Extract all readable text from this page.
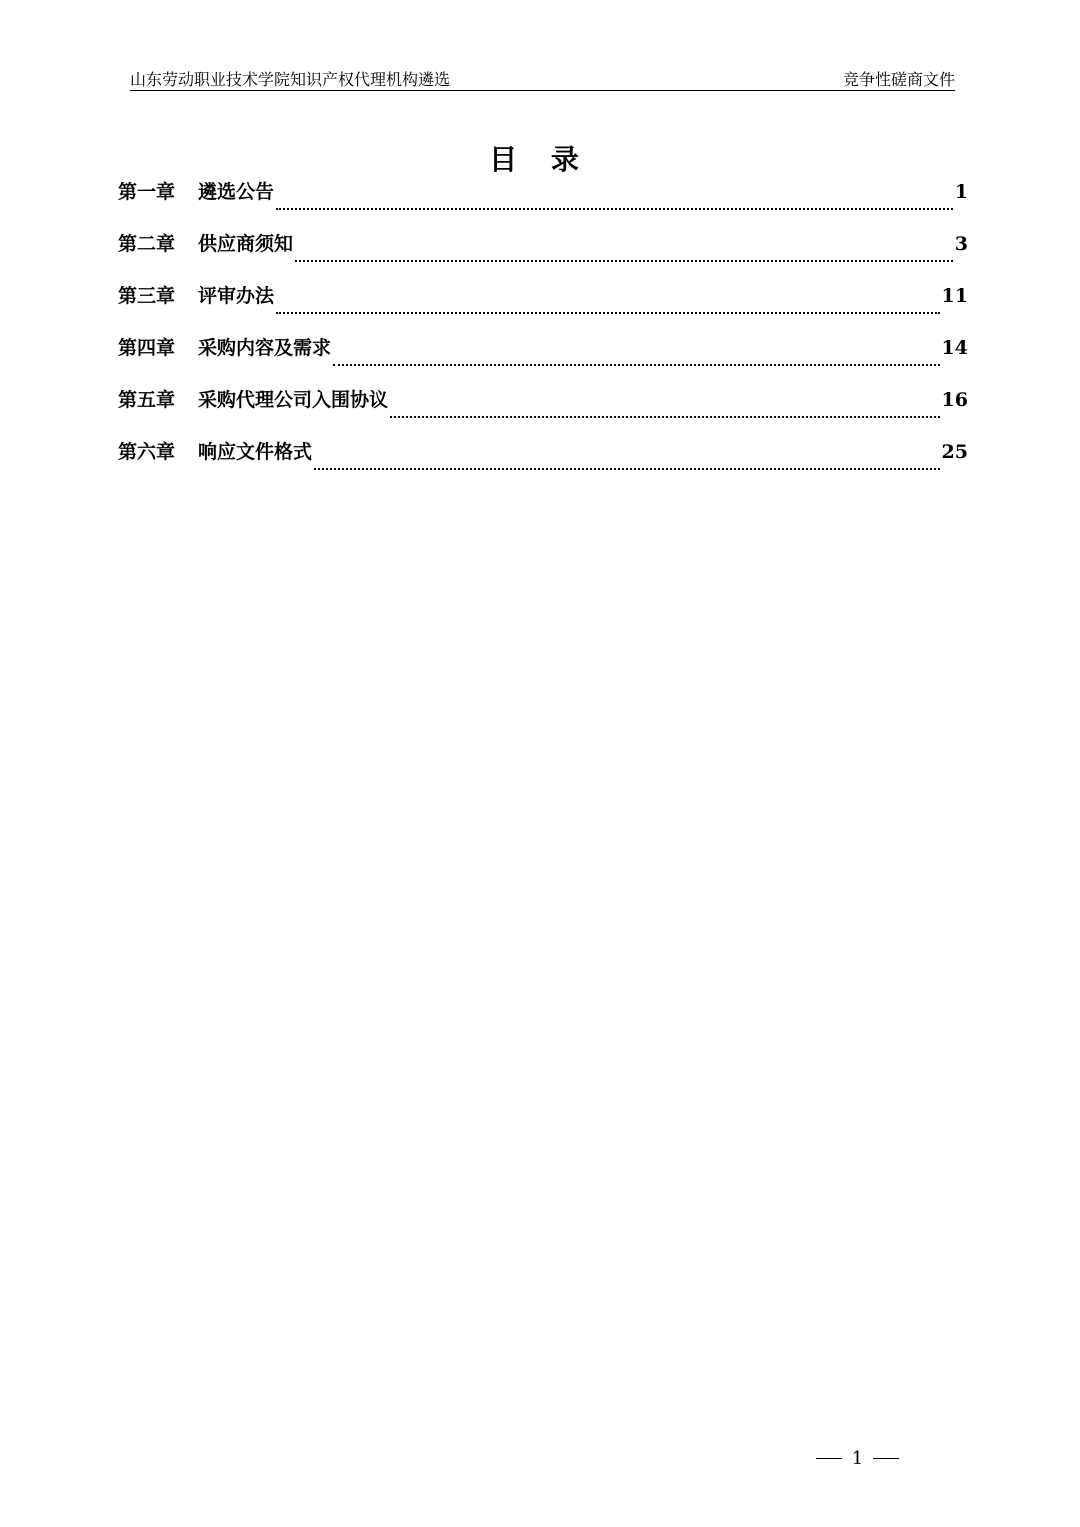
山东劳动职业技术学院知识产权代理机构遴选	竞争性磋商文件
目 录
第一章	遴选公告	1
第二章	供应商须知	3
第三章	评审办法	11
第四章	采购内容及需求	14
第五章	采购代理公司入围协议	16
第六章	响应文件格式	25
1
